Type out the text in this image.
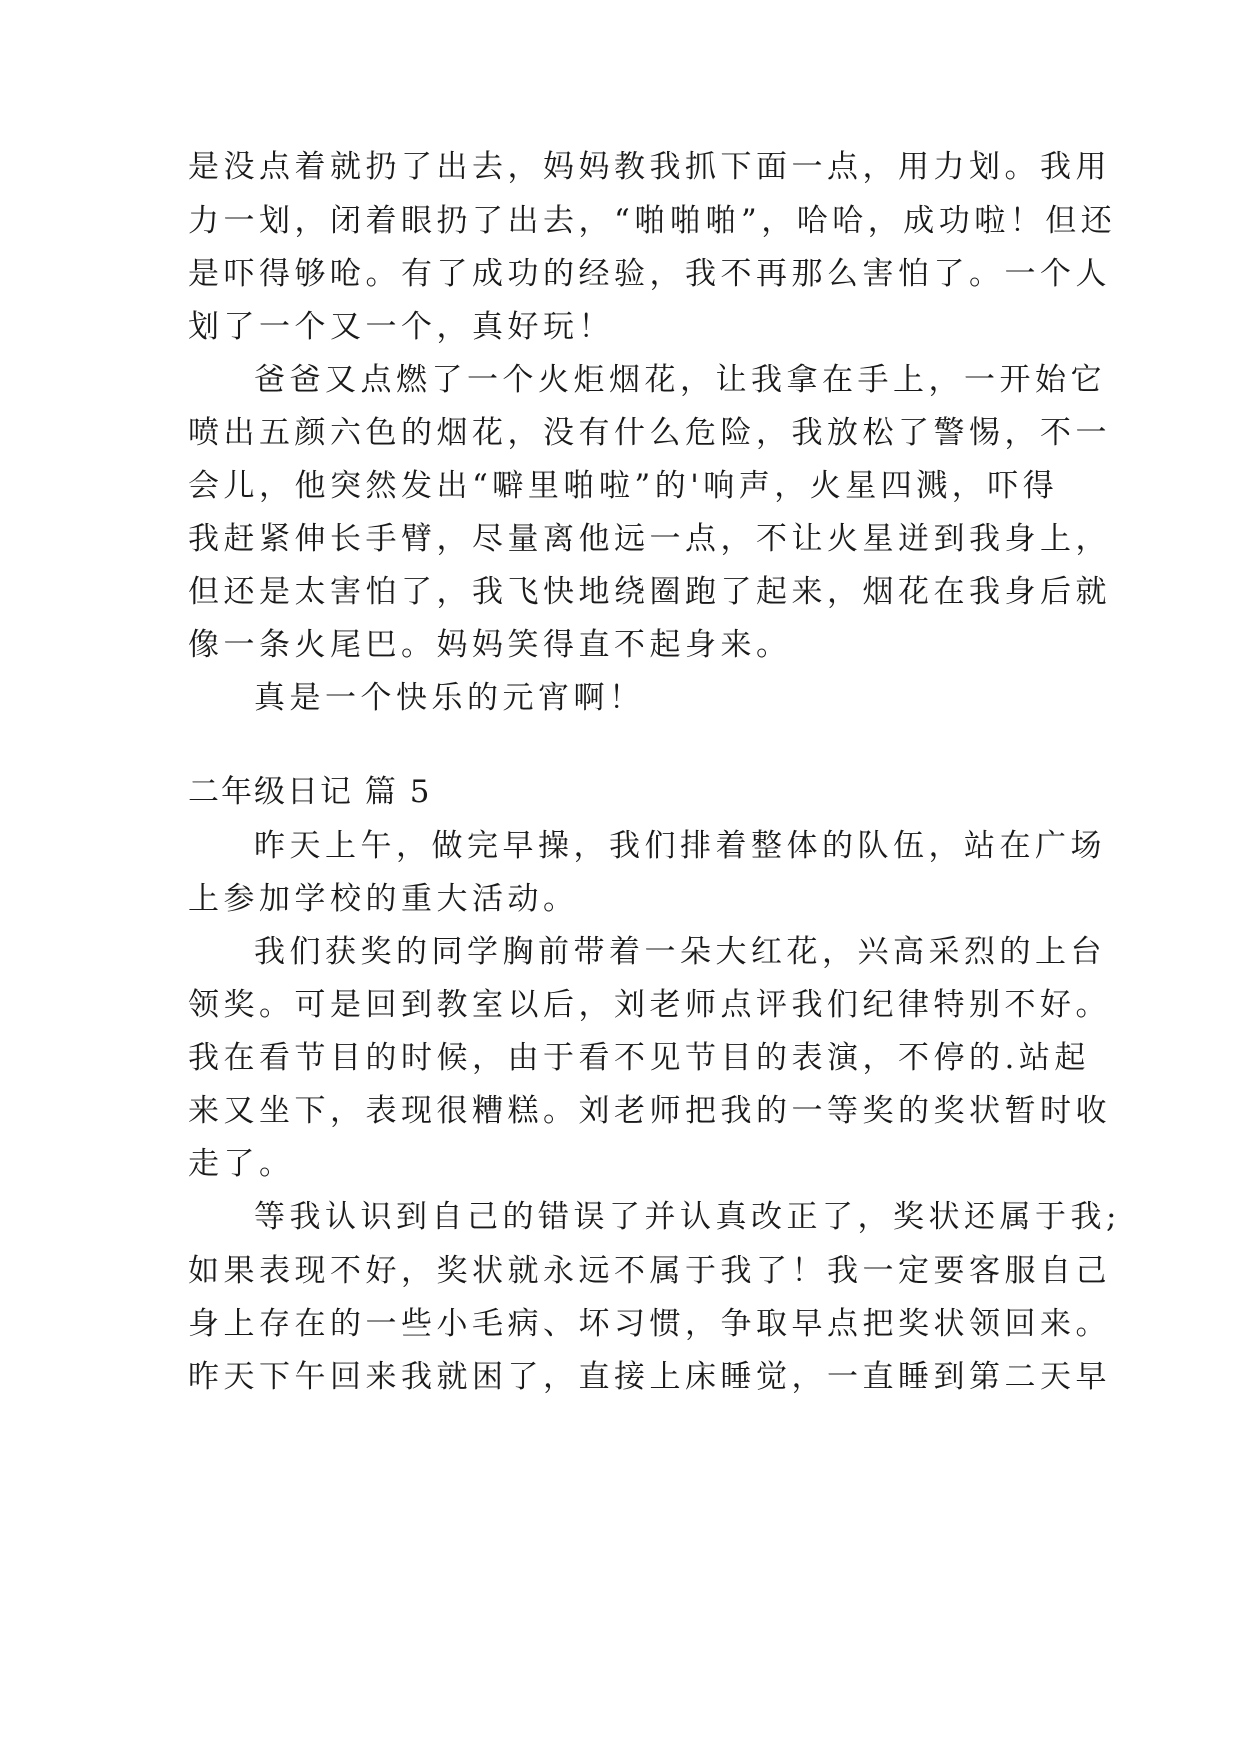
是没点着就扔了出去，妈妈教我抓下面一点，用力划。我用
力一划，闭着眼扔了出去，“啪啪啪”，哈哈，成功啦！但还
是吓得够呛。有了成功的经验，我不再那么害怕了。一个人
划了一个又一个，真好玩！
爸爸又点燃了一个火炬烟花，让我拿在手上，一开始它
喷出五颜六色的烟花，没有什么危险，我放松了警惕，不一
会儿，他突然发出“噼里啪啦”的'响声，火星四溅，吓得
我赶紧伸长手臂，尽量离他远一点，不让火星迸到我身上，
但还是太害怕了，我飞快地绕圈跑了起来，烟花在我身后就
像一条火尾巴。妈妈笑得直不起身来。
真是一个快乐的元宵啊！
二年级日记 篇 5
昨天上午，做完早操，我们排着整体的队伍，站在广场
上参加学校的重大活动。
我们获奖的同学胸前带着一朵大红花，兴高采烈的上台
领奖。可是回到教室以后，刘老师点评我们纪律特别不好。
我在看节目的时候，由于看不见节目的表演，不停的.站起
来又坐下，表现很糟糕。刘老师把我的一等奖的奖状暂时收
走了。
等我认识到自己的错误了并认真改正了，奖状还属于我;
如果表现不好，奖状就永远不属于我了！我一定要客服自己
身上存在的一些小毛病、坏习惯，争取早点把奖状领回来。
昨天下午回来我就困了，直接上床睡觉，一直睡到第二天早
